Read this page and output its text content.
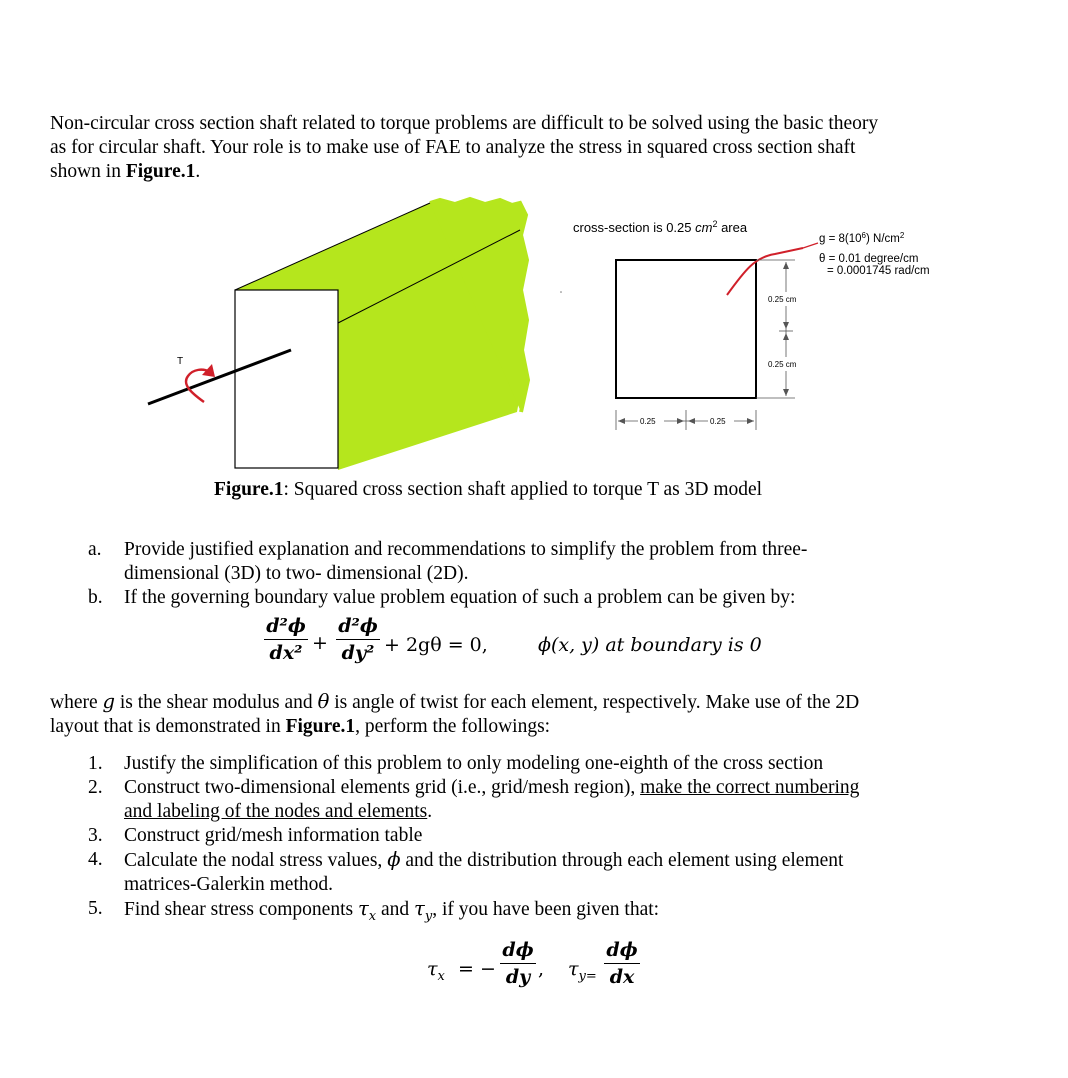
Non-circular cross section shaft related to torque problems are difficult to be solved using the basic theory
as for circular shaft. Your role is to make use of FAE to analyze the stress in squared cross section shaft
shown in Figure.1.
T
cross-section is 0.25 $cm^2$ area
0.25 cm
0.25 cm
0.25	0.25
$g = 8(10^6)$ $N/cm^2$
θ = 0.01 degree/cm
= 0.0001745 rad/cm
Figure.1: Squared cross section shaft applied to torque T as 3D model
a. Provide justified explanation and recommendations to simplify the problem from three-
dimensional (3D) to two- dimensional (2D).
b. If the governing boundary value problem equation of such a problem can be given by:
d²ϕ
dx² +
d²ϕ
dy² + 2gθ = 0,	ϕ(x, y) at boundary is 0
where g is the shear modulus and θ is angle of twist for each element, respectively. Make use of the 2D
layout that is demonstrated in Figure.1, perform the followings:
1. Justify the simplification of this problem to only modeling one-eighth of the cross section
2. Construct two-dimensional elements grid (i.e., grid/mesh region), make the correct numbering
and labeling of the nodes and elements.
3. Construct grid/mesh information table
4. Calculate the nodal stress values, ϕ and the distribution through each element using element
matrices-Galerkin method.
5. Find shear stress components $\tau_x$ and $\tau_y$, if you have been given that:
$\tau_x$ = −
dϕ
dy , $\tau_{y=}$
dϕ
dx
